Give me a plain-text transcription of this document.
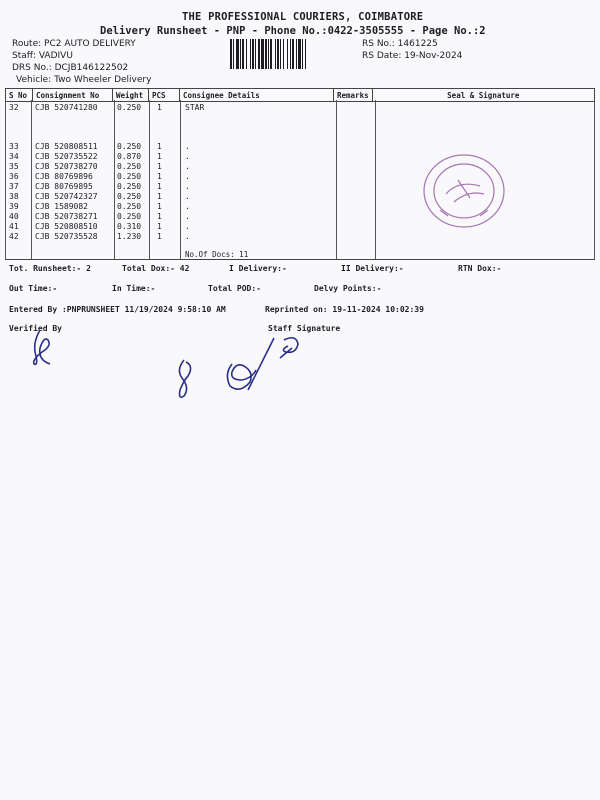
THE PROFESSIONAL COURIERS, COIMBATORE
Delivery Runsheet - PNP - Phone No.:0422-3505555 - Page No.:2
Route: PC2 AUTO DELIVERY
Staff: VADIVU
DRS No.: DCJB146122502
Vehicle: Two Wheeler Delivery
RS No.: 1461225
RS Date: 19-Nov-2024
S No	Consignment No	Weight	PCS	Consignee Details	Remarks	Seal & Signature
32 CJB 520741280 0.250 1	STAR
33 CJB 520808511 0.250 1	.
34 CJB 520735522 0.870 1	.
35 CJB 520738270 0.250 1	.
36 CJB 80769896	0.250 1	.
37 CJB 80769895	0.250 1	.
38 CJB 520742327 0.250 1	.
39 CJB 1589082	0.250 1	.
40 CJB 520738271 0.250 1	.
41 CJB 520808510 0.310 1	.
42 CJB 520735528 1.230 1	.
No.Of Docs: 11
Tot. Runsheet:- 2	Total Dox:- 42	I Delivery:-	II Delivery:-	RTN Dox:-
Out Time:-	In Time:-	Total POD:-	Delvy Points:-
Entered By :PNPRUNSHEET 11/19/2024 9:58:10 AM	Reprinted on: 19-11-2024 10:02:39
Verified By	Staff Signature
